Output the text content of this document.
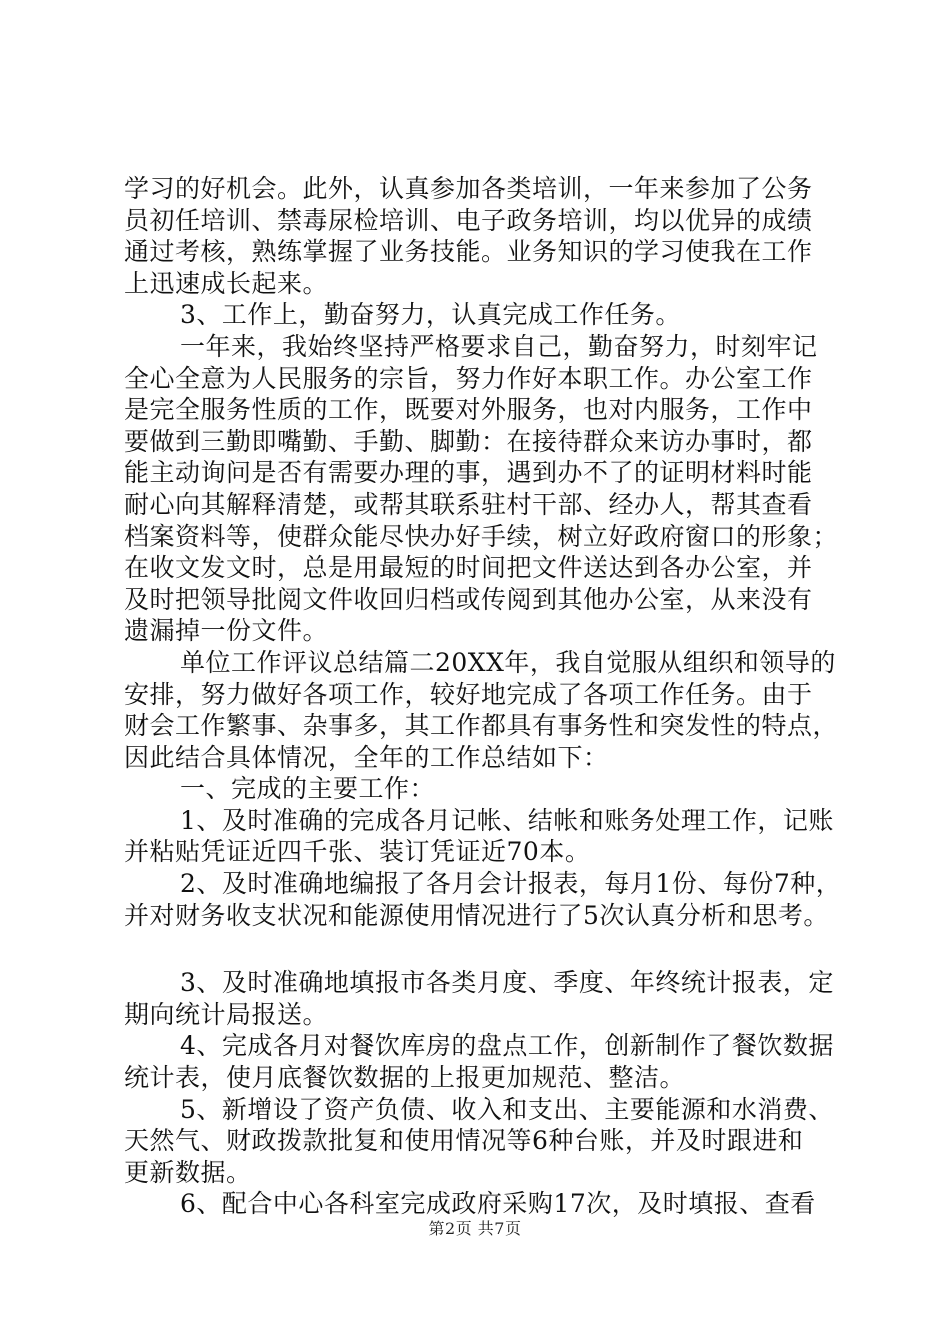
学习的好机会。此外，认真参加各类培训，一年来参加了公务
员初任培训、禁毒尿检培训、电子政务培训，均以优异的成绩
通过考核，熟练掌握了业务技能。业务知识的学习使我在工作
上迅速成长起来。
3、工作上，勤奋努力，认真完成工作任务。
一年来，我始终坚持严格要求自己，勤奋努力，时刻牢记
全心全意为人民服务的宗旨，努力作好本职工作。办公室工作
是完全服务性质的工作，既要对外服务，也对内服务，工作中
要做到三勤即嘴勤、手勤、脚勤：在接待群众来访办事时，都
能主动询问是否有需要办理的事，遇到办不了的证明材料时能
耐心向其解释清楚，或帮其联系驻村干部、经办人，帮其查看
档案资料等，使群众能尽快办好手续，树立好政府窗口的形象；
在收文发文时，总是用最短的时间把文件送达到各办公室，并
及时把领导批阅文件收回归档或传阅到其他办公室，从来没有
遗漏掉一份文件。
单位工作评议总结篇二20XX年，我自觉服从组织和领导的
安排，努力做好各项工作，较好地完成了各项工作任务。由于
财会工作繁事、杂事多，其工作都具有事务性和突发性的特点，
因此结合具体情况，全年的工作总结如下：
一、完成的主要工作：
1、及时准确的完成各月记帐、结帐和账务处理工作，记账
并粘贴凭证近四千张、装订凭证近70本。
2、及时准确地编报了各月会计报表，每月1份、每份7种，
并对财务收支状况和能源使用情况进行了5次认真分析和思考。
3、及时准确地填报市各类月度、季度、年终统计报表，定
期向统计局报送。
4、完成各月对餐饮库房的盘点工作，创新制作了餐饮数据
统计表，使月底餐饮数据的上报更加规范、整洁。
5、新增设了资产负债、收入和支出、主要能源和水消费、
天然气、财政拨款批复和使用情况等6种台账，并及时跟进和
更新数据。
6、配合中心各科室完成政府采购17次，及时填报、查看
第2页 共7页
